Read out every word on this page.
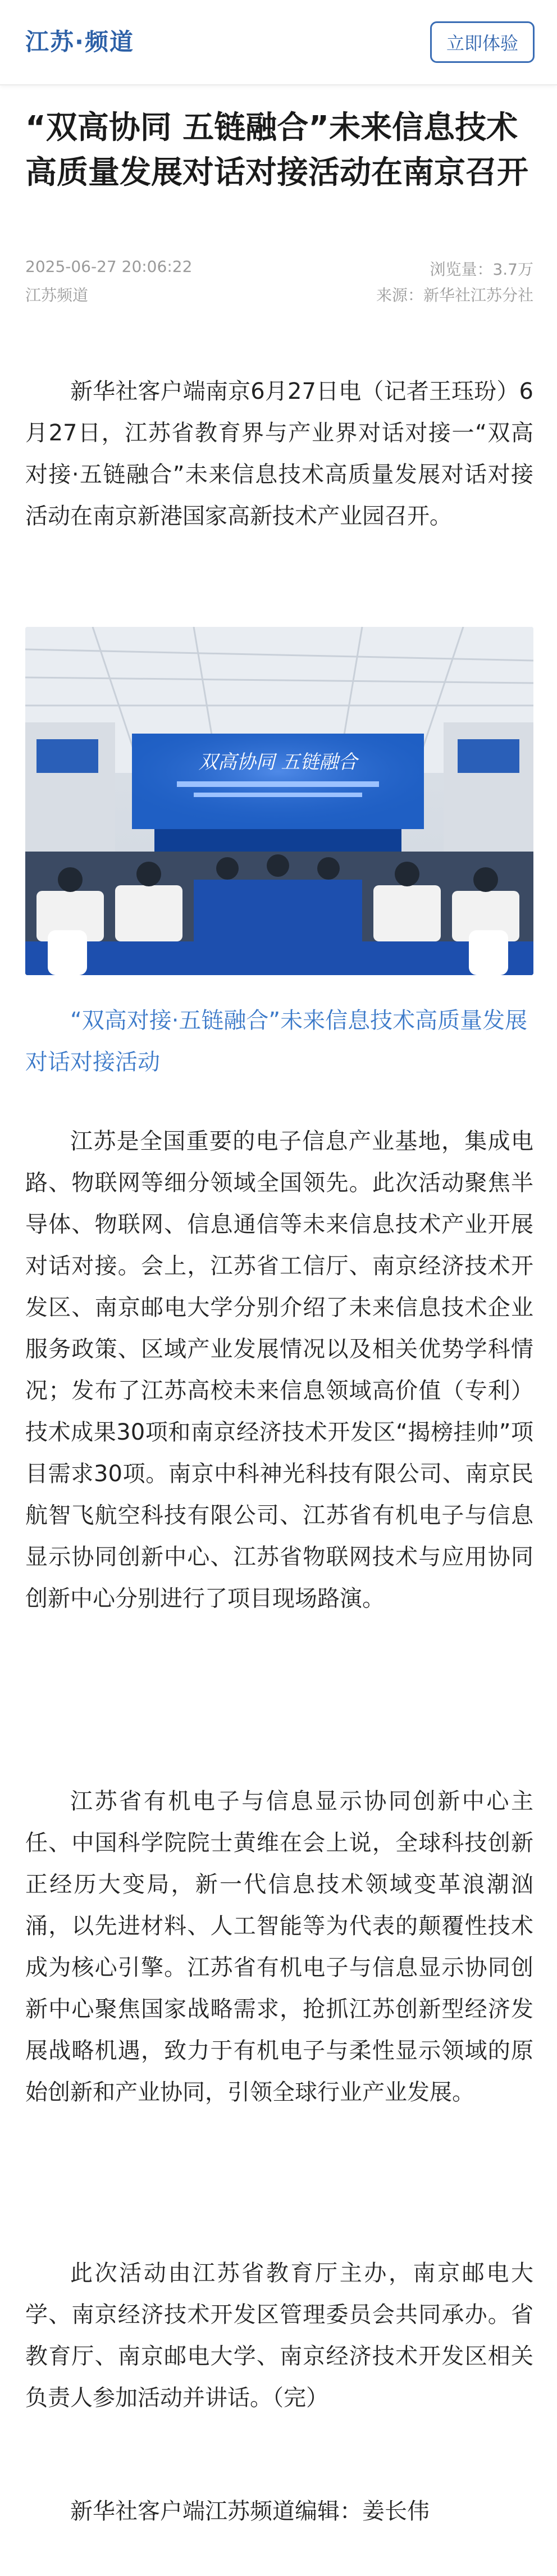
江苏·频道	立即体验
“双高协同 五链融合”未来信息技术高质量发展对话对接活动在南京召开
2025-06-27 20:06:22	浏览量：3.7万
江苏频道	来源：新华社江苏分社

新华社客户端南京6月27日电（记者王珏玢）6月27日，江苏省教育界与产业界对话对接一“双高对接·五链融合”未来信息技术高质量发展对话对接活动在南京新港国家高新技术产业园召开。

双高协同 五链融合

“双高对接·五链融合”未来信息技术高质量发展对话对接活动

江苏是全国重要的电子信息产业基地，集成电路、物联网等细分领域全国领先。此次活动聚焦半导体、物联网、信息通信等未来信息技术产业开展对话对接。会上，江苏省工信厅、南京经济技术开发区、南京邮电大学分别介绍了未来信息技术企业服务政策、区域产业发展情况以及相关优势学科情况；发布了江苏高校未来信息领域高价值（专利）技术成果30项和南京经济技术开发区“揭榜挂帅”项目需求30项。南京中科神光科技有限公司、南京民航智飞航空科技有限公司、江苏省有机电子与信息显示协同创新中心、江苏省物联网技术与应用协同创新中心分别进行了项目现场路演。

江苏省有机电子与信息显示协同创新中心主任、中国科学院院士黄维在会上说，全球科技创新正经历大变局，新一代信息技术领域变革浪潮汹涌，以先进材料、人工智能等为代表的颠覆性技术成为核心引擎。江苏省有机电子与信息显示协同创新中心聚焦国家战略需求，抢抓江苏创新型经济发展战略机遇，致力于有机电子与柔性显示领域的原始创新和产业协同，引领全球行业产业发展。

此次活动由江苏省教育厅主办，南京邮电大学、南京经济技术开发区管理委员会共同承办。省教育厅、南京邮电大学、南京经济技术开发区相关负责人参加活动并讲话。（完）

新华社客户端江苏频道编辑：姜长伟
